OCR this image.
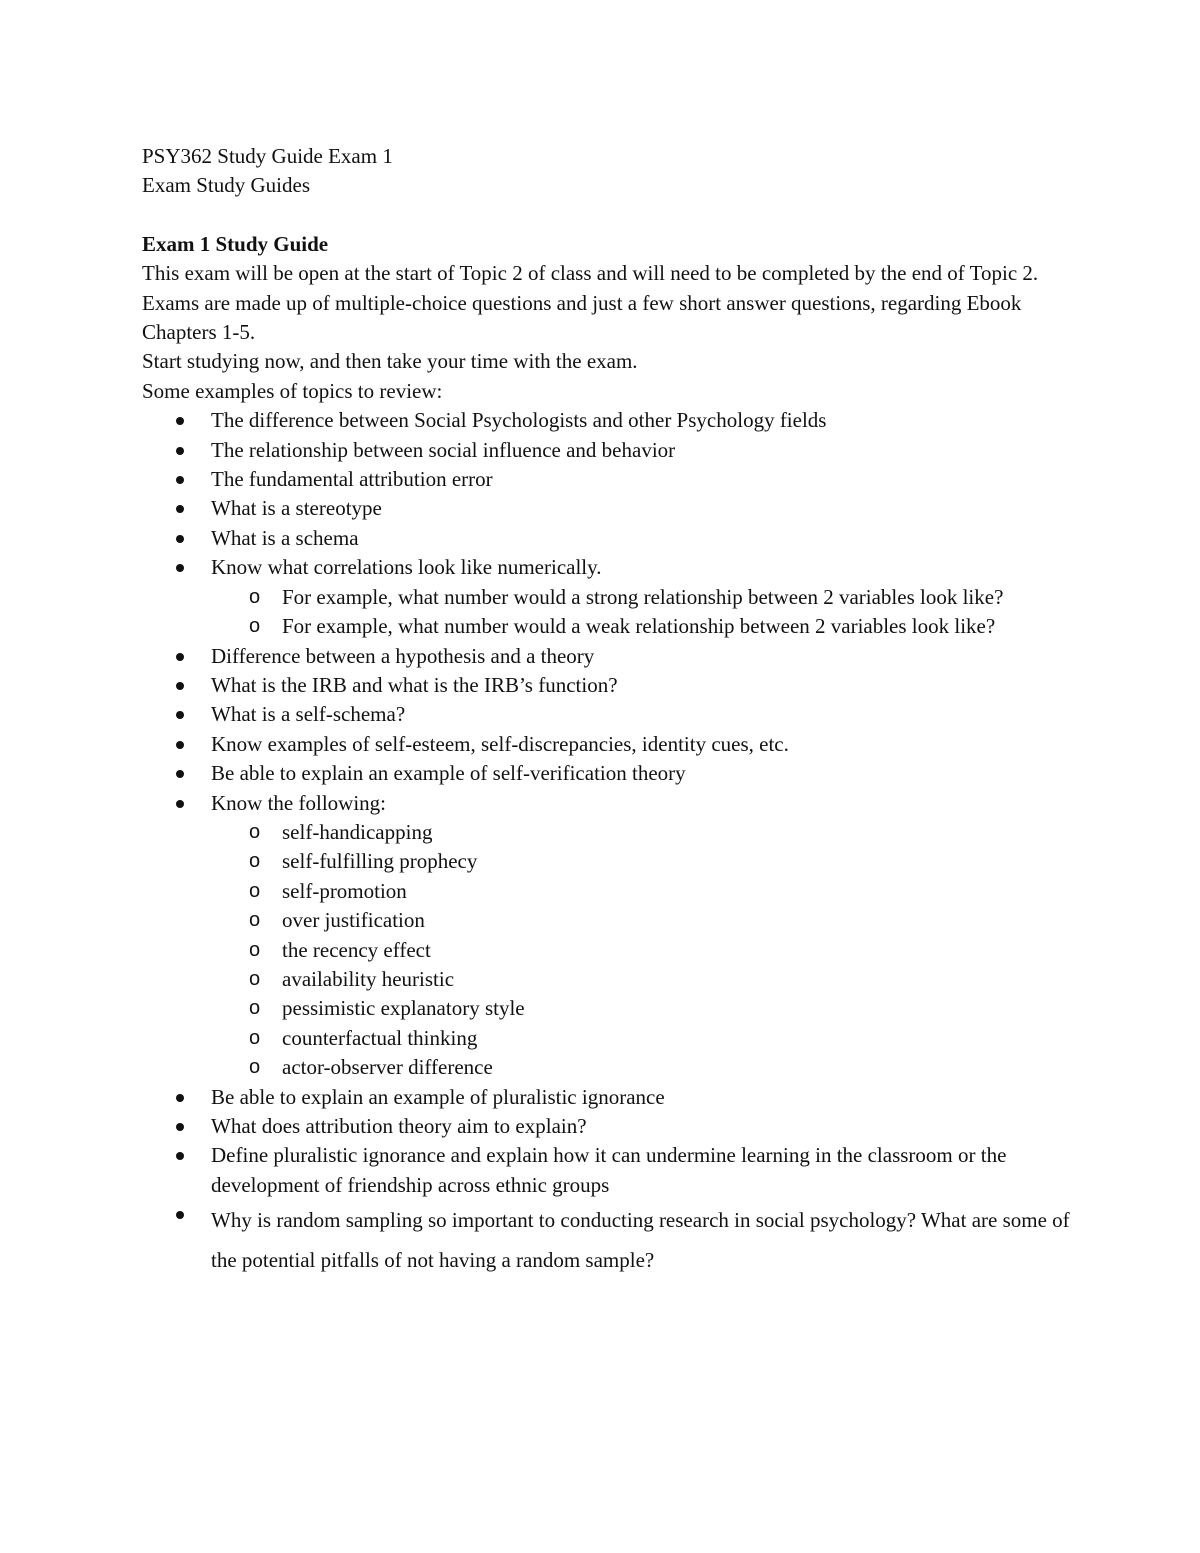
PSY362 Study Guide Exam 1

Exam Study Guides

Exam 1 Study Guide

This exam will be open at the start of Topic 2 of class and will need to be completed by the end of Topic 2.

Exams are made up of multiple-choice questions and just a few short answer questions, regarding Ebook Chapters 1-5.

Start studying now, and then take your time with the exam.

Some examples of topics to review:

The difference between Social Psychologists and other Psychology fields
The relationship between social influence and behavior
The fundamental attribution error
What is a stereotype
What is a schema
Know what correlations look like numerically.
o For example, what number would a strong relationship between 2 variables look like?
o For example, what number would a weak relationship between 2 variables look like?
Difference between a hypothesis and a theory
What is the IRB and what is the IRB’s function?
What is a self-schema?
Know examples of self-esteem, self-discrepancies, identity cues, etc.
Be able to explain an example of self-verification theory
Know the following:
o self-handicapping
o self-fulfilling prophecy
o self-promotion
o over justification
o the recency effect
o availability heuristic
o pessimistic explanatory style
o counterfactual thinking
o actor-observer difference
Be able to explain an example of pluralistic ignorance
What does attribution theory aim to explain?
Define pluralistic ignorance and explain how it can undermine learning in the classroom or the development of friendship across ethnic groups
Why is random sampling so important to conducting research in social psychology? What are some of the potential pitfalls of not having a random sample?
